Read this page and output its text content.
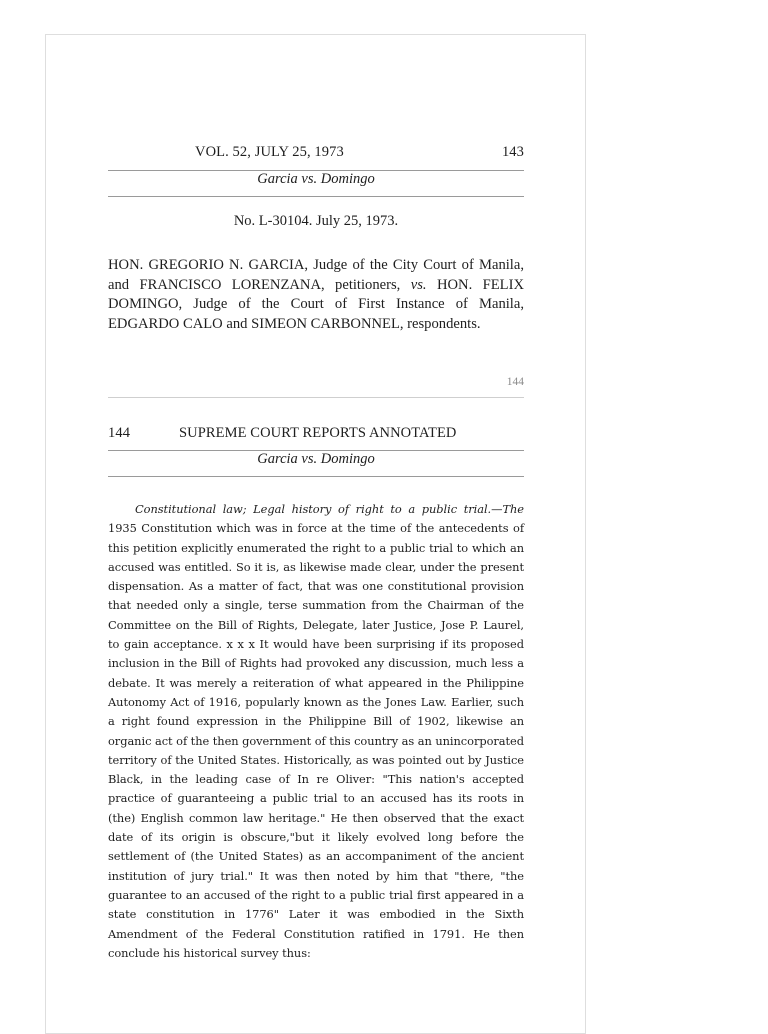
VOL. 52, JULY 25, 1973	143
Garcia vs. Domingo
No. L-30104. July 25, 1973.
HON. GREGORIO N. GARCIA, Judge of the City Court of Manila, and FRANCISCO LORENZANA, petitioners, vs. HON. FELIX DOMINGO, Judge of the Court of First Instance of Manila, EDGARDO CALO and SIMEON CARBONNEL, respondents.
144
144	SUPREME COURT REPORTS ANNOTATED
Garcia vs. Domingo
Constitutional law; Legal history of right to a public trial.—The 1935 Constitution which was in force at the time of the antecedents of this petition explicitly enumerated the right to a public trial to which an accused was entitled. So it is, as likewise made clear, under the present dispensation. As a matter of fact, that was one constitutional provision that needed only a single, terse summation from the Chairman of the Committee on the Bill of Rights, Delegate, later Justice, Jose P. Laurel, to gain acceptance. x x x It would have been surprising if its proposed inclusion in the Bill of Rights had provoked any discussion, much less a debate. It was merely a reiteration of what appeared in the Philippine Autonomy Act of 1916, popularly known as the Jones Law. Earlier, such a right found expression in the Philippine Bill of 1902, likewise an organic act of the then government of this country as an unincorporated territory of the United States. Historically, as was pointed out by Justice Black, in the leading case of In re Oliver: "This nation's accepted practice of guaranteeing a public trial to an accused has its roots in (the) English common law heritage." He then observed that the exact date of its origin is obscure,"but it likely evolved long before the settlement of (the United States) as an accompaniment of the ancient institution of jury trial." It was then noted by him that "there, "the guarantee to an accused of the right to a public trial first appeared in a state constitution in 1776" Later it was embodied in the Sixth Amendment of the Federal Constitution ratified in 1791. He then conclude his historical survey thus:
